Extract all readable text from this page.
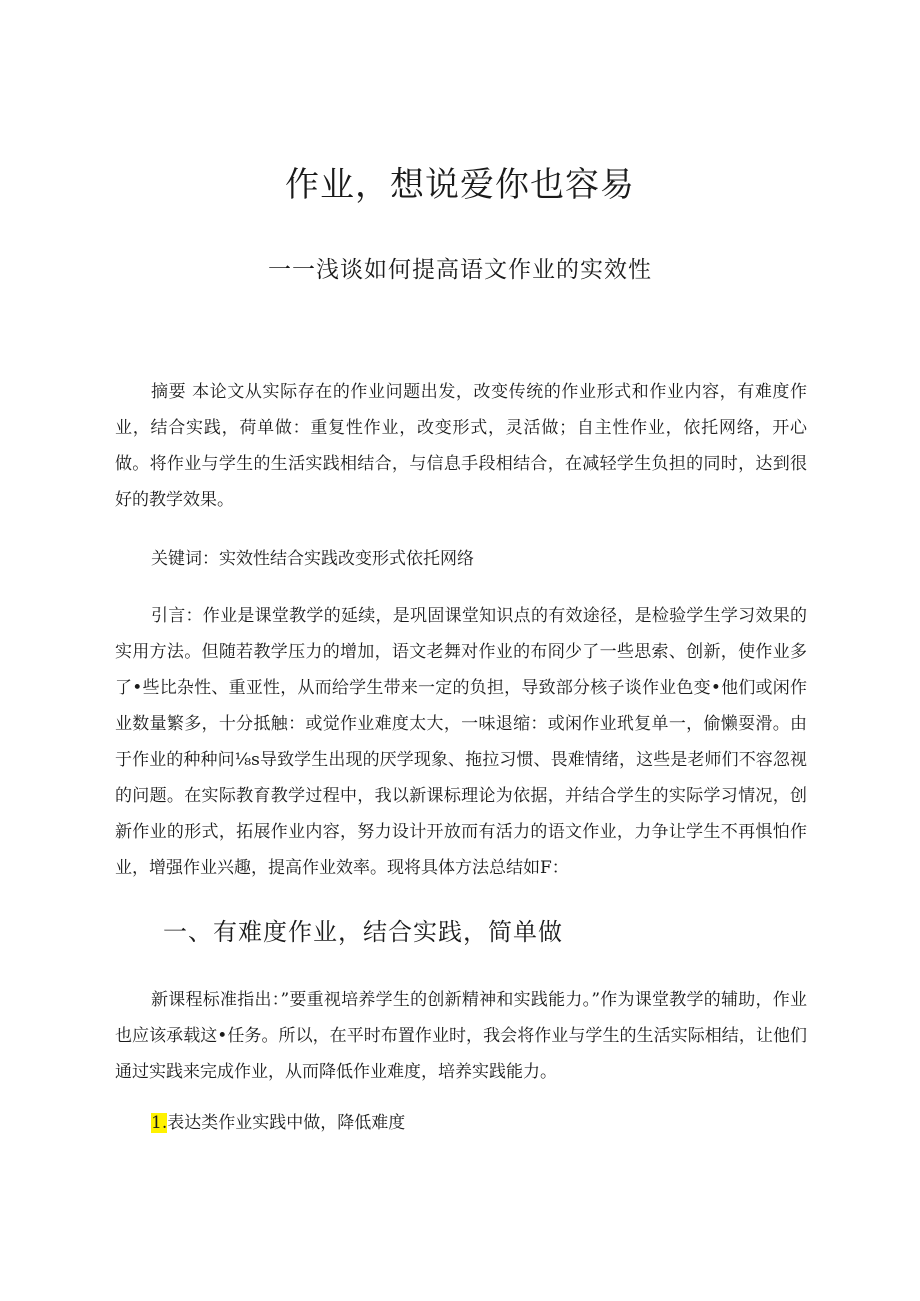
作业，想说爱你也容易
一一浅谈如何提高语文作业的实效性

摘要 本论文从实际存在的作业问题出发，改变传统的作业形式和作业内容，有难度作业，结合实践，荷单做：重复性作业，改变形式，灵活做；自主性作业，依托网络，开心做。将作业与学生的生活实践相结合，与信息手段相结合，在减轻学生负担的同时，达到很好的教学效果。

关键词：实效性结合实践改变形式依托网络

引言：作业是课堂教学的延续，是巩固课堂知识点的有效途径，是检验学生学习效果的实用方法。但随若教学压力的增加，语文老舞对作业的布冏少了一些思索、创新，使作业多了•些比杂性、重亚性，从而给学生带来一定的负担，导致部分核子谈作业色变•他们或闲作业数量繁多，十分抵触：或觉作业难度太大，一味退缩：或闲作业玳复单一，偷懒耍滑。由于作业的种种问⅛s导致学生出现的厌学现象、拖拉习惯、畏难情绪，这些是老师们不容忽视的问题。在实际教育教学过程中，我以新课标理论为依据，并结合学生的实际学习情况，创新作业的形式，拓展作业内容，努力设计开放而有活力的语文作业，力争让学生不再惧怕作业，增强作业兴趣，提高作业效率。现将具体方法总结如F：

一、有难度作业，结合实践，简单做

新课程标准指出：”要重视培养学生的创新精神和实践能力。”作为课堂教学的辅助，作业也应该承载这•任务。所以，在平时布置作业时，我会将作业与学生的生活实际相结，让他们通过实践来完成作业，从而降低作业难度，培养实践能力。

1.表达类作业实践中做，降低难度
